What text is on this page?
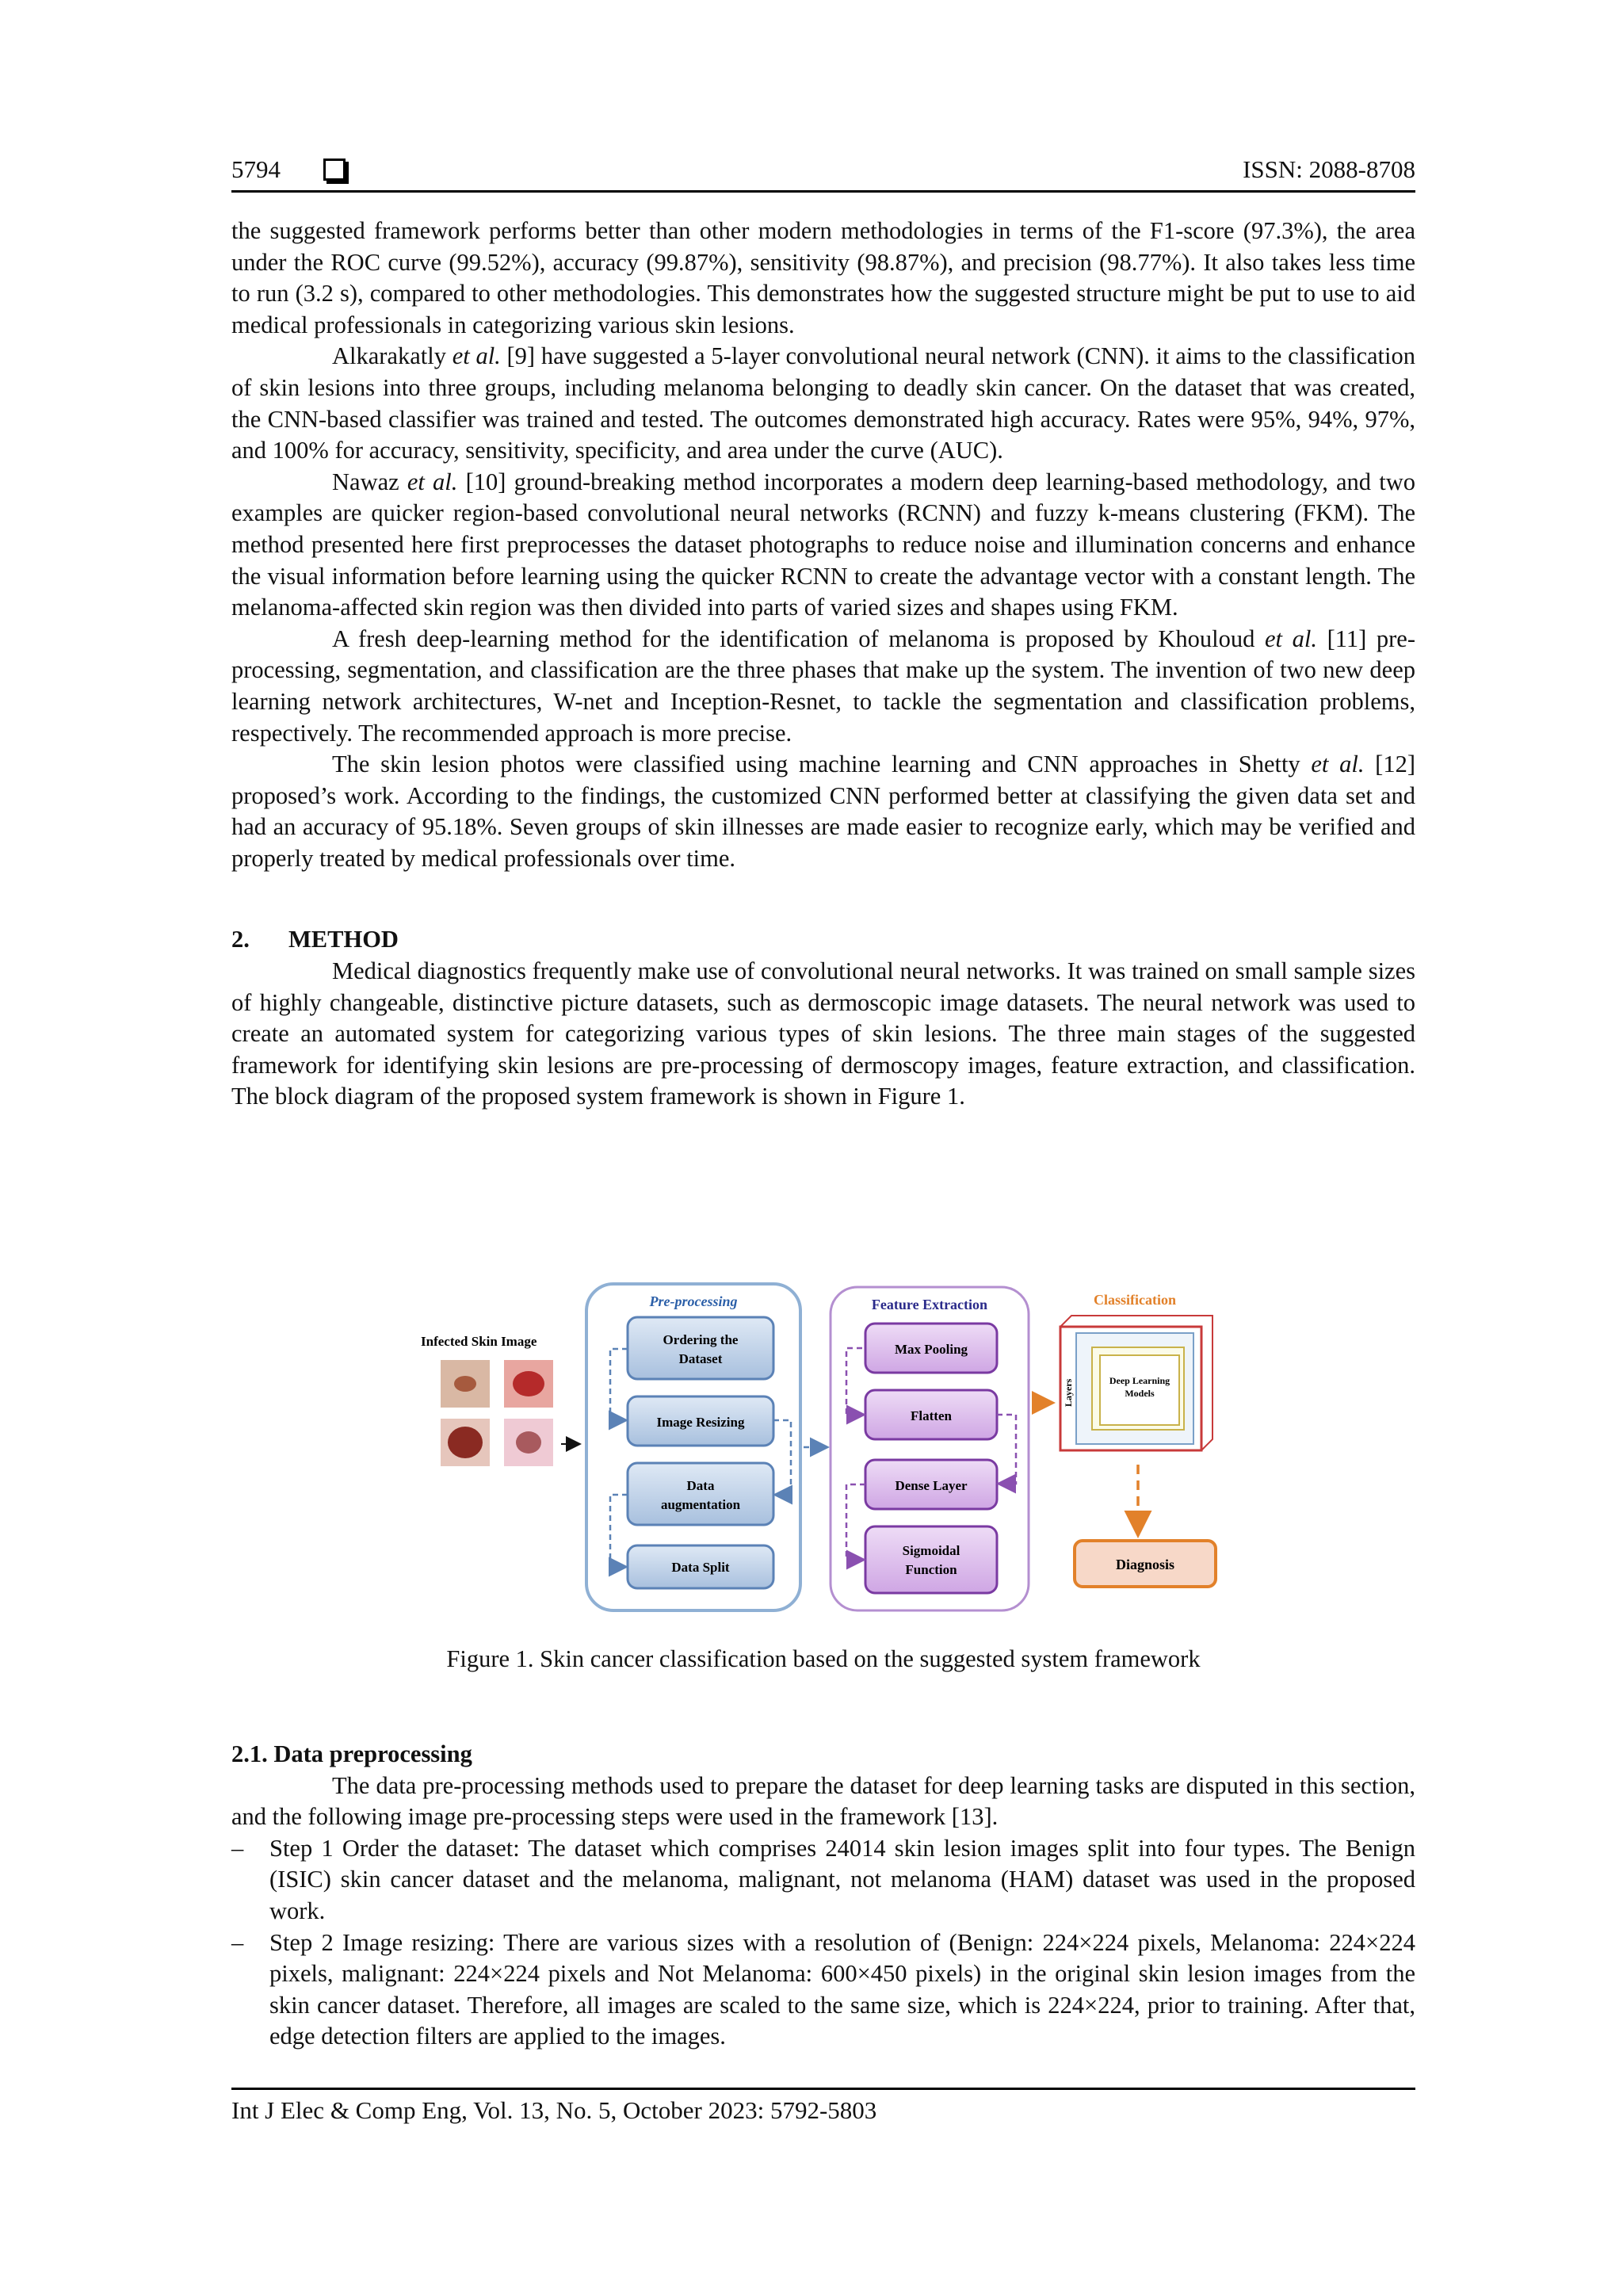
5794	ISSN: 2088-8708

the suggested framework performs better than other modern methodologies in terms of the F1-score (97.3%), the area under the ROC curve (99.52%), accuracy (99.87%), sensitivity (98.87%), and precision (98.77%). It also takes less time to run (3.2 s), compared to other methodologies. This demonstrates how the suggested structure might be put to use to aid medical professionals in categorizing various skin lesions.

Alkarakatly et al. [9] have suggested a 5-layer convolutional neural network (CNN). it aims to the classification of skin lesions into three groups, including melanoma belonging to deadly skin cancer. On the dataset that was created, the CNN-based classifier was trained and tested. The outcomes demonstrated high accuracy. Rates were 95%, 94%, 97%, and 100% for accuracy, sensitivity, specificity, and area under the curve (AUC).

Nawaz et al. [10] ground-breaking method incorporates a modern deep learning-based methodology, and two examples are quicker region-based convolutional neural networks (RCNN) and fuzzy k-means clustering (FKM). The method presented here first preprocesses the dataset photographs to reduce noise and illumination concerns and enhance the visual information before learning using the quicker RCNN to create the advantage vector with a constant length. The melanoma-affected skin region was then divided into parts of varied sizes and shapes using FKM.

A fresh deep-learning method for the identification of melanoma is proposed by Khouloud et al. [11] pre-processing, segmentation, and classification are the three phases that make up the system. The invention of two new deep learning network architectures, W-net and Inception-Resnet, to tackle the segmentation and classification problems, respectively. The recommended approach is more precise.

The skin lesion photos were classified using machine learning and CNN approaches in Shetty et al. [12] proposed’s work. According to the findings, the customized CNN performed better at classifying the given data set and had an accuracy of 95.18%. Seven groups of skin illnesses are made easier to recognize early, which may be verified and properly treated by medical professionals over time.

2. METHOD

Medical diagnostics frequently make use of convolutional neural networks. It was trained on small sample sizes of highly changeable, distinctive picture datasets, such as dermoscopic image datasets. The neural network was used to create an automated system for categorizing various types of skin lesions. The three main stages of the suggested framework for identifying skin lesions are pre-processing of dermoscopy images, feature extraction, and classification. The block diagram of the proposed system framework is shown in Figure 1.

Infected Skin Image
Pre-processing
Ordering the
Dataset
Image Resizing
Data
augmentation
Data Split
Feature Extraction
Max Pooling
Flatten
Dense Layer
Sigmoidal
Function
Classification
Layers	Deep Learning
Models
Diagnosis
Figure 1. Skin cancer classification based on the suggested system framework

2.1. Data preprocessing

The data pre-processing methods used to prepare the dataset for deep learning tasks are disputed in this section, and the following image pre-processing steps were used in the framework [13].

– Step 1 Order the dataset: The dataset which comprises 24014 skin lesion images split into four types. The Benign (ISIC) skin cancer dataset and the melanoma, malignant, not melanoma (HAM) dataset was used in the proposed work.
– Step 2 Image resizing: There are various sizes with a resolution of (Benign: 224×224 pixels, Melanoma: 224×224 pixels, malignant: 224×224 pixels and Not Melanoma: 600×450 pixels) in the original skin lesion images from the skin cancer dataset. Therefore, all images are scaled to the same size, which is 224×224, prior to training. After that, edge detection filters are applied to the images.
Int J Elec & Comp Eng, Vol. 13, No. 5, October 2023: 5792-5803
